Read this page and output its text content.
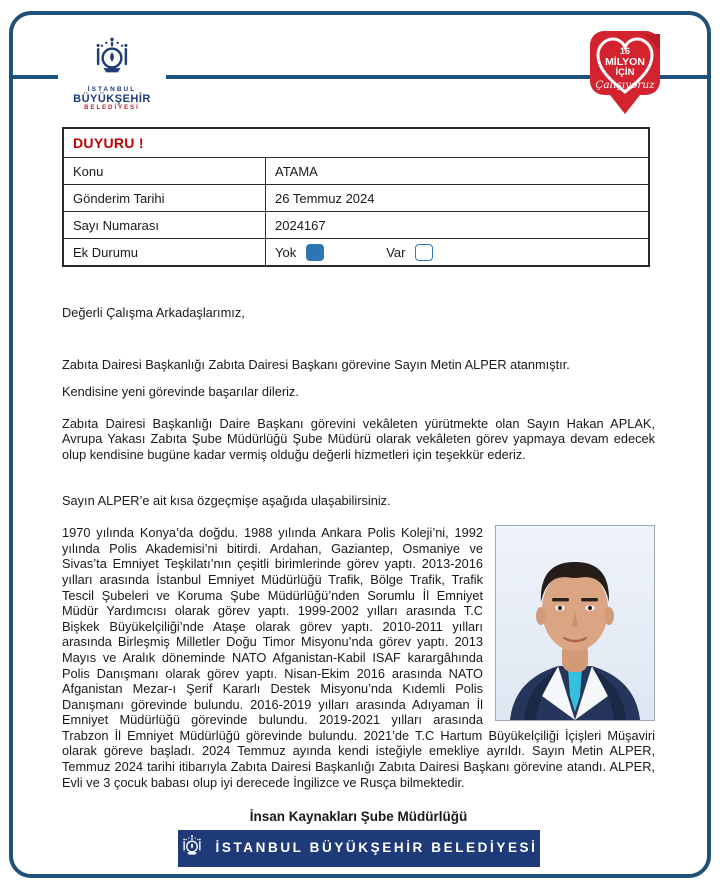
İSTANBUL
BÜYÜKŞEHİR
BELEDİYESİ
16
MİLYON
İÇİN
Çalışıyoruz
DUYURU !	
Konu	ATAMA
Gönderim Tarihi	26 Temmuz 2024
Sayı Numarası	2024167
Ek Durumu	Yok Var

Değerli Çalışma Arkadaşlarımız,

Zabıta Dairesi Başkanlığı Zabıta Dairesi Başkanı görevine Sayın Metin ALPER atanmıştır.

Kendisine yeni görevinde başarılar dileriz.

Zabıta Dairesi Başkanlığı Daire Başkanı görevini vekâleten yürütmekte olan Sayın Hakan APLAK, Avrupa Yakası Zabıta Şube Müdürlüğü Şube Müdürü olarak vekâleten görev yapmaya devam edecek olup kendisine bugüne kadar vermiş olduğu değerli hizmetleri için teşekkür ederiz.

Sayın ALPER’e ait kısa özgeçmişe aşağıda ulaşabilirsiniz.

1970 yılında Konya’da doğdu. 1988 yılında Ankara Polis Koleji’ni, 1992 yılında Polis Akademisi’ni bitirdi. Ardahan, Gaziantep, Osmaniye ve Sivas’ta Emniyet Teşkilatı’nın çeşitli birimlerinde görev yaptı. 2013-2016 yılları arasında İstanbul Emniyet Müdürlüğü Trafik, Bölge Trafik, Trafik Tescil Şubeleri ve Koruma Şube Müdürlüğü’nden Sorumlu İl Emniyet Müdür Yardımcısı olarak görev yaptı. 1999-2002 yılları arasında T.C Bişkek Büyükelçiliği’nde Ataşe olarak görev yaptı. 2010-2011 yılları arasında Birleşmiş Milletler Doğu Timor Misyonu’nda görev yaptı. 2013 Mayıs ve Aralık döneminde NATO Afganistan-Kabil ISAF karargâhında Polis Danışmanı olarak görev yaptı. Nisan-Ekim 2016 arasında NATO Afganistan Mezar-ı Şerif Kararlı Destek Misyonu’nda Kıdemli Polis Danışmanı görevinde bulundu. 2016-2019 yılları arasında Adıyaman İl Emniyet Müdürlüğü görevinde bulundu. 2019-2021 yılları arasında Trabzon İl Emniyet Müdürlüğü görevinde bulundu. 2021’de T.C Hartum Büyükelçiliği İçişleri Müşaviri olarak göreve başladı. 2024 Temmuz ayında kendi isteğiyle emekliye ayrıldı. Sayın Metin ALPER, Temmuz 2024 tarihi itibarıyla Zabıta Dairesi Başkanlığı Zabıta Dairesi Başkanı görevine atandı. ALPER, Evli ve 3 çocuk babası olup iyi derecede İngilizce ve Rusça bilmektedir.
İnsan Kaynakları Şube Müdürlüğü
İSTANBUL BÜYÜKŞEHİR BELEDİYESİ
